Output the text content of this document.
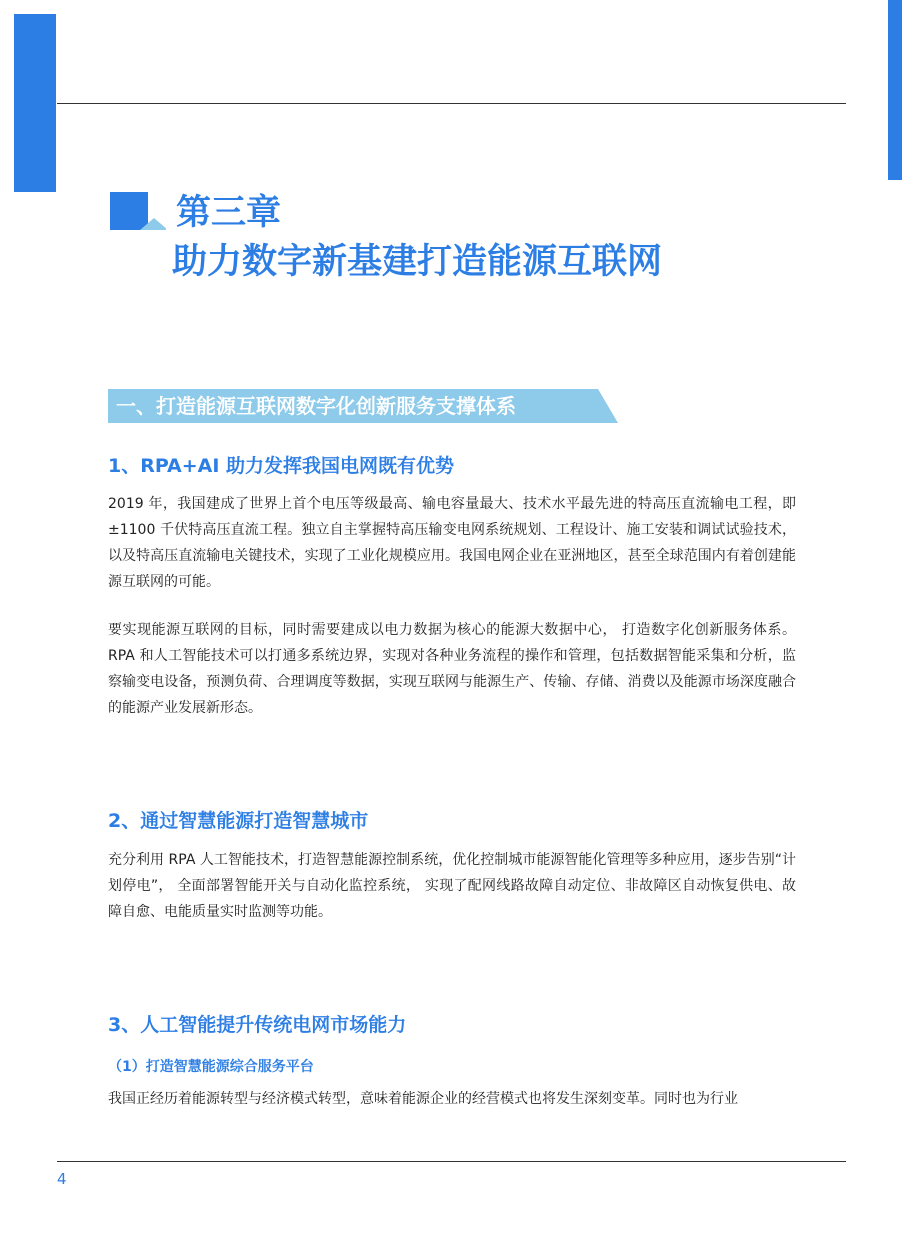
第三章
助力数字新基建打造能源互联网
一、打造能源互联网数字化创新服务支撑体系
1、RPA+AI 助力发挥我国电网既有优势

2019 年，我国建成了世界上首个电压等级最高、输电容量最大、技术水平最先进的特高压直流输电工程，即 ±1100 千伏特高压直流工程。独立自主掌握特高压输变电网系统规划、工程设计、施工安装和调试试验技术，以及特高压直流输电关键技术，实现了工业化规模应用。我国电网企业在亚洲地区，甚至全球范围内有着创建能源互联网的可能。

要实现能源互联网的目标，同时需要建成以电力数据为核心的能源大数据中心， 打造数字化创新服务体系。RPA 和人工智能技术可以打通多系统边界，实现对各种业务流程的操作和管理，包括数据智能采集和分析，监察输变电设备，预测负荷、合理调度等数据，实现互联网与能源生产、传输、存储、消费以及能源市场深度融合的能源产业发展新形态。

2、通过智慧能源打造智慧城市

充分利用 RPA 人工智能技术，打造智慧能源控制系统，优化控制城市能源智能化管理等多种应用，逐步告别“计划停电”， 全面部署智能开关与自动化监控系统， 实现了配网线路故障自动定位、非故障区自动恢复供电、故障自愈、电能质量实时监测等功能。

3、人工智能提升传统电网市场能力
（1）打造智慧能源综合服务平台

我国正经历着能源转型与经济模式转型，意味着能源企业的经营模式也将发生深刻变革。同时也为行业

4
